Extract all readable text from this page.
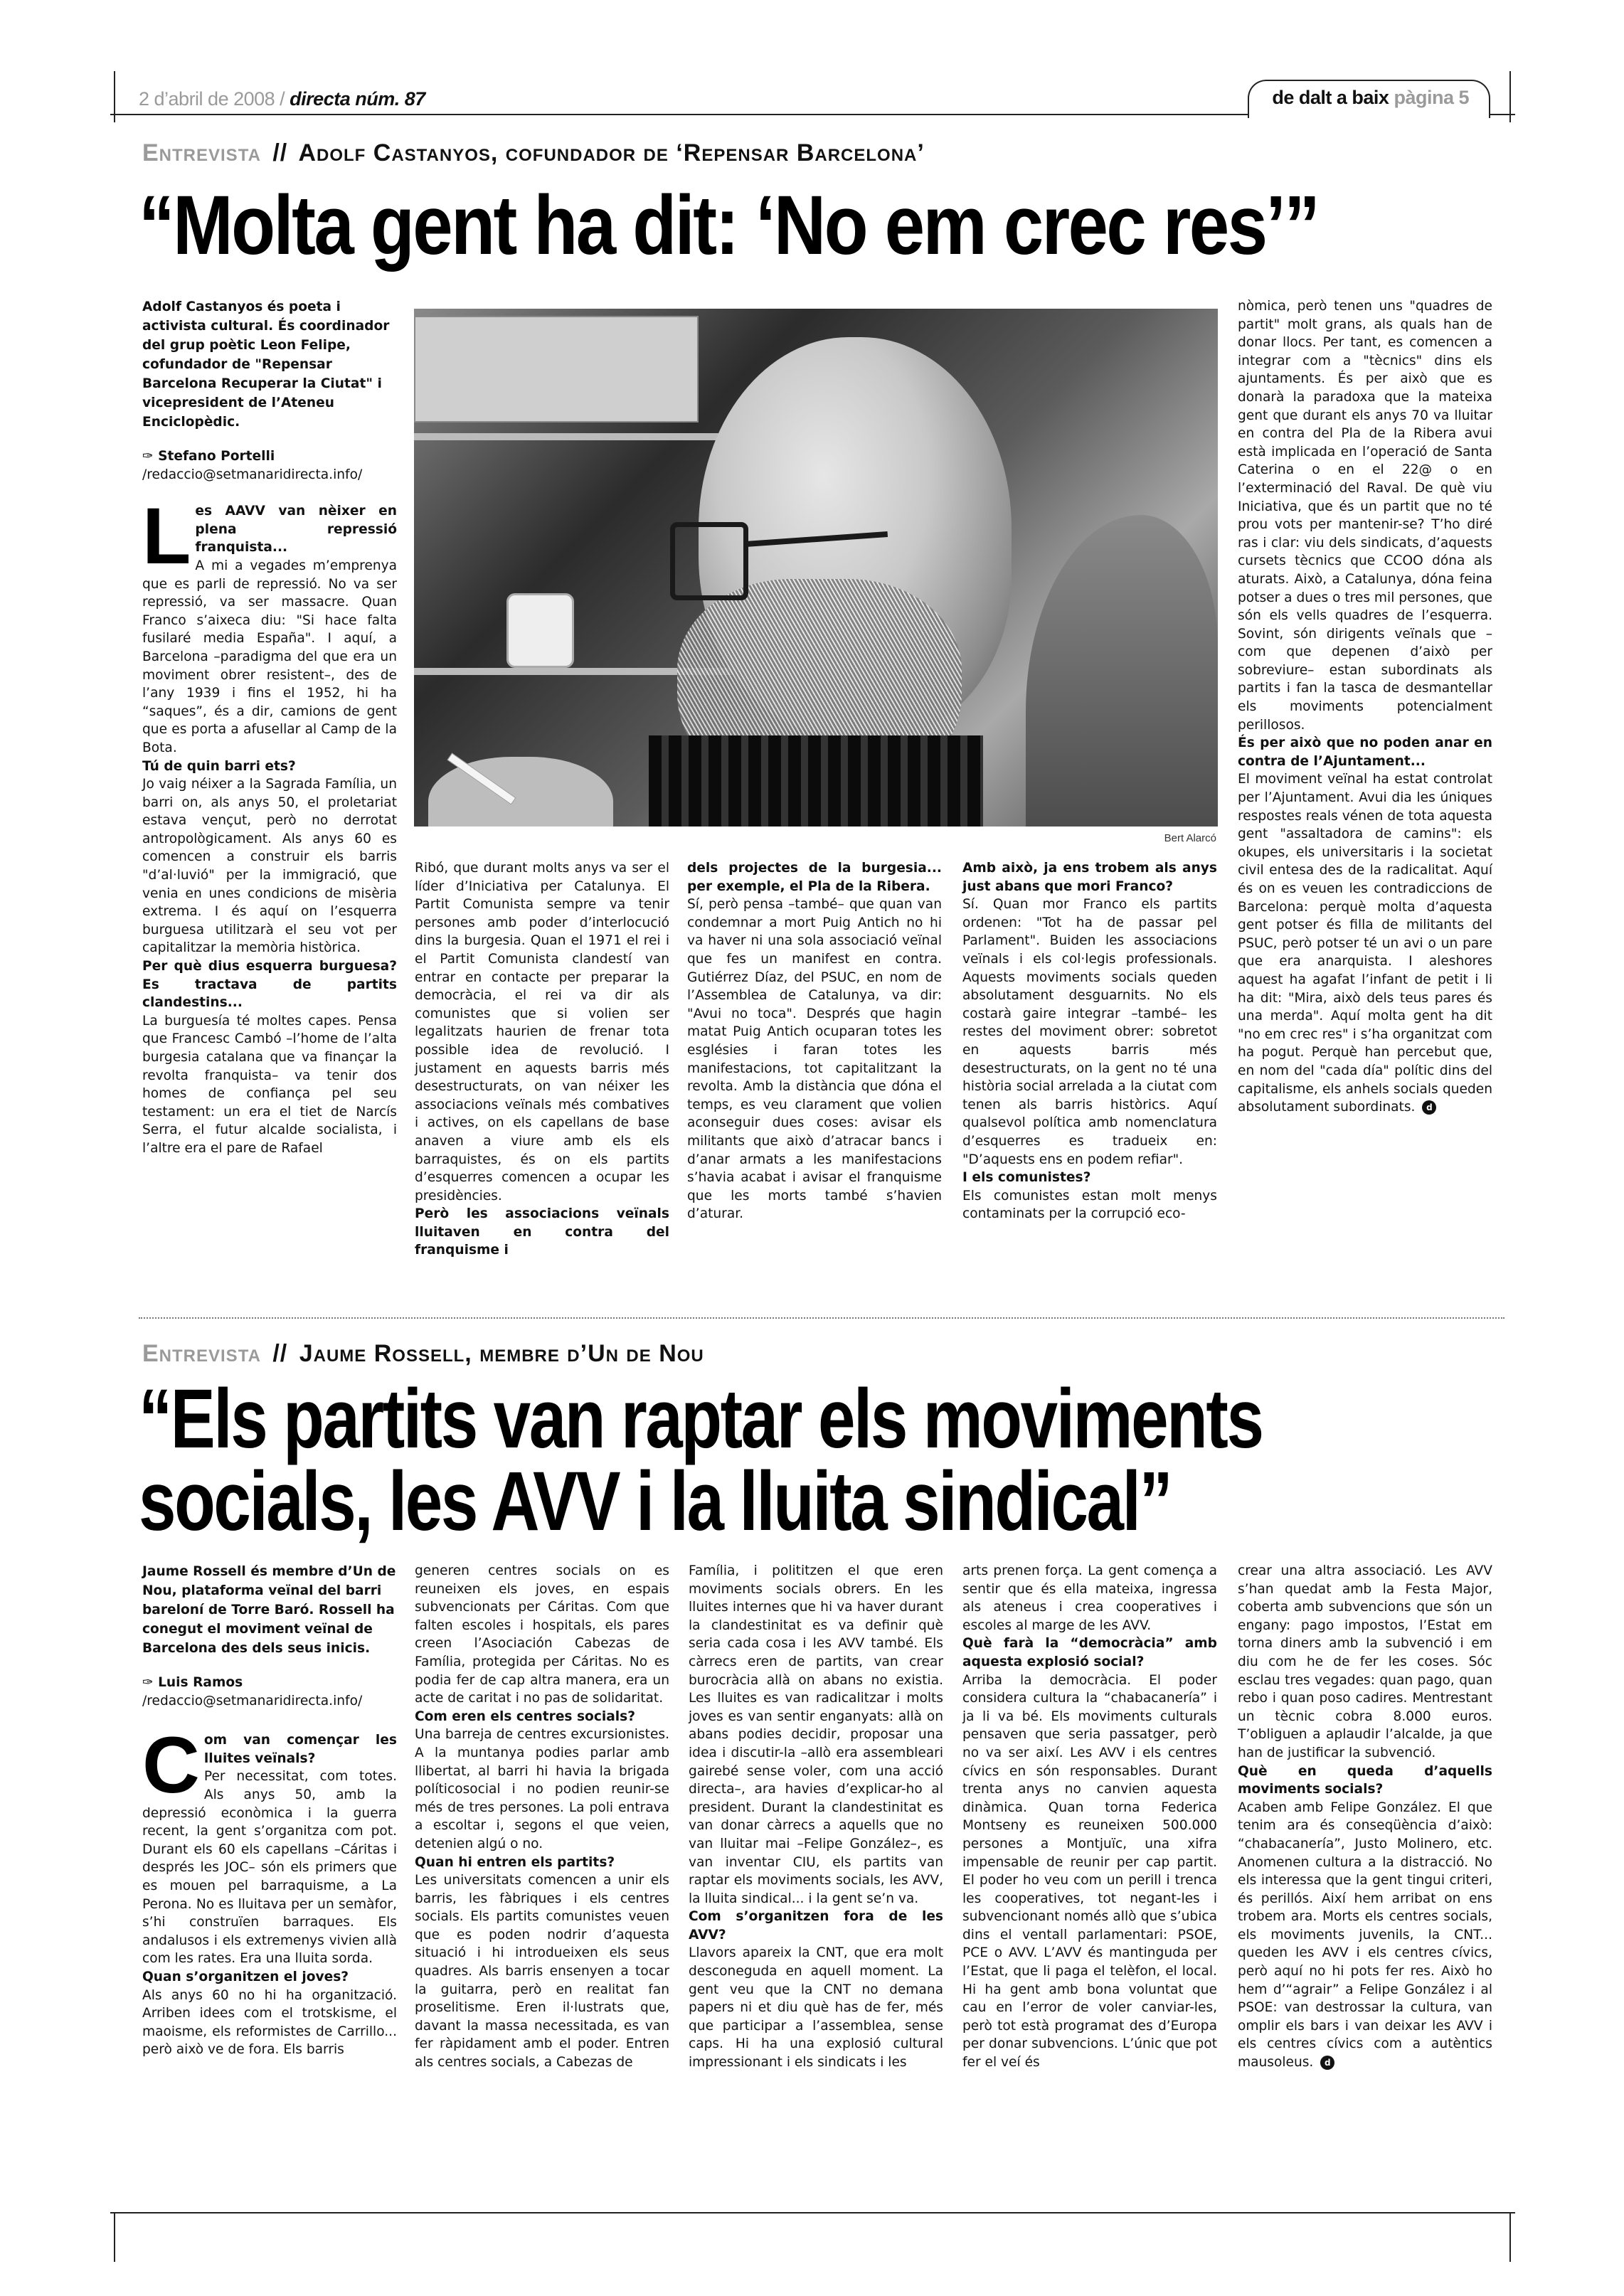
2 d’abril de 2008 / directa núm. 87	de dalt a baix pàgina 5
Entrevista // Adolf Castanyos, cofundador de ‘Repensar Barcelona’
“Molta gent ha dit: ‘No em crec res’”

Adolf Castanyos és poeta i activista cultural. És coordinador del grup poètic Leon Felipe, cofundador de "Repensar Barcelona Recuperar la Ciutat" i vicepresident de l’Ateneu Enciclopèdic.

✑ Stefano Portelli

/redaccio@setmanaridirecta.info/

L es AAVV van nèixer en plena repressió franquista...

A mi a vegades m’emprenya que es parli de repressió. No va ser repressió, va ser massacre. Quan Franco s’aixeca diu: "Si hace falta fusilaré media España". I aquí, a Barcelona –paradigma del que era un moviment obrer resistent–, des de l’any 1939 i fins el 1952, hi ha “saques”, és a dir, camions de gent que es porta a afusellar al Camp de la Bota.

Tú de quin barri ets?

Jo vaig néixer a la Sagrada Família, un barri on, als anys 50, el proletariat estava vençut, però no derrotat antropològicament. Als anys 60 es comencen a construir els barris "d’al·luvió" per la immigració, que venia en unes condicions de misèria extrema. I és aquí on l’esquerra burguesa utilitzarà el seu vot per capitalitzar la memòria històrica.

Per què dius esquerra burguesa? Es tractava de partits clandestins...

La burguesía té moltes capes. Pensa que Francesc Cambó –l’home de l’alta burgesia catalana que va finançar la revolta franquista– va tenir dos homes de confiança pel seu testament: un era el tiet de Narcís Serra, el futur alcalde socialista, i l’altre era el pare de Rafael

Bert Alarcó

Ribó, que durant molts anys va ser el líder d’Iniciativa per Catalunya. El Partit Comunista sempre va tenir persones amb poder d’interlocució dins la burgesia. Quan el 1971 el rei i el Partit Comunista clandestí van entrar en contacte per preparar la democràcia, el rei va dir als comunistes que si volien ser legalitzats haurien de frenar tota possible idea de revolució. I justament en aquests barris més desestructurats, on van néixer les associacions veïnals més combatives i actives, on els capellans de base anaven a viure amb els els barraquistes, és on els partits d’esquerres comencen a ocupar les presidències.

Però les associacions veïnals lluitaven en contra del franquisme i

dels projectes de la burgesia... per exemple, el Pla de la Ribera.

Sí, però pensa –també– que quan van condemnar a mort Puig Antich no hi va haver ni una sola associació veïnal que fes un manifest en contra. Gutiérrez Díaz, del PSUC, en nom de l’Assemblea de Catalunya, va dir: "Avui no toca". Després que hagin matat Puig Antich ocuparan totes les esglésies i faran totes les manifestacions, tot capitalitzant la revolta. Amb la distància que dóna el temps, es veu clarament que volien aconseguir dues coses: avisar els militants que això d’atracar bancs i d’anar armats a les manifestacions s’havia acabat i avisar el franquisme que les morts també s’havien d’aturar.

Amb això, ja ens trobem als anys just abans que mori Franco?

Sí. Quan mor Franco els partits ordenen: "Tot ha de passar pel Parlament". Buiden les associacions veïnals i els col·legis professionals. Aquests moviments socials queden absolutament desguarnits. No els costarà gaire integrar –també– les restes del moviment obrer: sobretot en aquests barris més desestructurats, on la gent no té una història social arrelada a la ciutat com tenen als barris històrics. Aquí qualsevol política amb nomenclatura d’esquerres es tradueix en: "D’aquests ens en podem refiar".

I els comunistes?

Els comunistes estan molt menys contaminats per la corrupció eco-

nòmica, però tenen uns "quadres de partit" molt grans, als quals han de donar llocs. Per tant, es comencen a integrar com a "tècnics" dins els ajuntaments. És per això que es donarà la paradoxa que la mateixa gent que durant els anys 70 va lluitar en contra del Pla de la Ribera avui està implicada en l’operació de Santa Caterina o en el 22@ o en l’exterminació del Raval. De què viu Iniciativa, que és un partit que no té prou vots per mantenir-se? T’ho diré ras i clar: viu dels sindicats, d’aquests cursets tècnics que CCOO dóna als aturats. Això, a Catalunya, dóna feina potser a dues o tres mil persones, que són els vells quadres de l’esquerra. Sovint, són dirigents veïnals que –com que depenen d’això per sobreviure– estan subordinats als partits i fan la tasca de desmantellar els moviments potencialment perillosos.

És per això que no poden anar en contra de l’Ajuntament...

El moviment veïnal ha estat controlat per l’Ajuntament. Avui dia les úniques respostes reals vénen de tota aquesta gent "assaltadora de camins": els okupes, els universitaris i la societat civil entesa des de la radicalitat. Aquí és on es veuen les contradiccions de Barcelona: perquè molta d’aquesta gent potser és filla de militants del PSUC, però potser té un avi o un pare que era anarquista. I aleshores aquest ha agafat l’infant de petit i li ha dit: "Mira, això dels teus pares és una merda". Aquí molta gent ha dit "no em crec res" i s’ha organitzat com ha pogut. Perquè han percebut que, en nom del "cada día" polític dins del capitalisme, els anhels socials queden absolutament subordinats. d

Entrevista // Jaume Rossell, membre d’Un de Nou
“Els partits van raptar els moviments
socials, les AVV i la lluita sindical”

Jaume Rossell és membre d’Un de Nou, plataforma veïnal del barri bareloní de Torre Baró. Rossell ha conegut el moviment veïnal de Barcelona des dels seus inicis.

✑ Luis Ramos

/redaccio@setmanaridirecta.info/

C om van començar les lluites veïnals?

Per necessitat, com totes. Als anys 50, amb la depressió econòmica i la guerra recent, la gent s’organitza com pot. Durant els 60 els capellans –Cáritas i després les JOC– són els primers que es mouen pel barraquisme, a La Perona. No es lluitava per un semàfor, s’hi construïen barraques. Els andalusos i els extremenys vivien allà com les rates. Era una lluita sorda.

Quan s’organitzen el joves?

Als anys 60 no hi ha organització. Arriben idees com el trotskisme, el maoisme, els reformistes de Carrillo... però això ve de fora. Els barris

generen centres socials on es reuneixen els joves, en espais subvencionats per Cáritas. Com que falten escoles i hospitals, els pares creen l’Asociación Cabezas de Família, protegida per Cáritas. No es podia fer de cap altra manera, era un acte de caritat i no pas de solidaritat.

Com eren els centres socials?

Una barreja de centres excursionistes. A la muntanya podies parlar amb llibertat, al barri hi havia la brigada políticosocial i no podien reunir-se més de tres persones. La poli entrava a escoltar i, segons el que veien, detenien algú o no.

Quan hi entren els partits?

Les universitats comencen a unir els barris, les fàbriques i els centres socials. Els partits comunistes veuen que es poden nodrir d’aquesta situació i hi introdueixen els seus quadres. Als barris ensenyen a tocar la guitarra, però en realitat fan proselitisme. Eren il·lustrats que, davant la massa necessitada, es van fer ràpidament amb el poder. Entren als centres socials, a Cabezas de

Família, i polititzen el que eren moviments socials obrers. En les lluites internes que hi va haver durant la clandestinitat es va definir què seria cada cosa i les AVV també. Els càrrecs eren de partits, van crear burocràcia allà on abans no existia. Les lluites es van radicalitzar i molts joves es van sentir enganyats: allà on abans podies decidir, proposar una idea i discutir-la –allò era assembleari gairebé sense voler, com una acció directa–, ara havies d’explicar-ho al president. Durant la clandestinitat es van donar càrrecs a aquells que no van lluitar mai –Felipe González–, es van inventar CIU, els partits van raptar els moviments socials, les AVV, la lluita sindical... i la gent se’n va.

Com s’organitzen fora de les AVV?

Llavors apareix la CNT, que era molt desconeguda en aquell moment. La gent veu que la CNT no demana papers ni et diu què has de fer, més que participar a l’assemblea, sense caps. Hi ha una explosió cultural impressionant i els sindicats i les

arts prenen força. La gent comença a sentir que és ella mateixa, ingressa als ateneus i crea cooperatives i escoles al marge de les AVV.

Què farà la “democràcia” amb aquesta explosió social?

Arriba la democràcia. El poder considera cultura la “chabacanería” i ja li va bé. Els moviments culturals pensaven que seria passatger, però no va ser així. Les AVV i els centres cívics en són responsables. Durant trenta anys no canvien aquesta dinàmica. Quan torna Federica Montseny es reuneixen 500.000 persones a Montjuïc, una xifra impensable de reunir per cap partit. El poder ho veu com un perill i trenca les cooperatives, tot negant-les i subvencionant només allò que s’ubica dins el ventall parlamentari: PSOE, PCE o AVV. L’AVV és mantinguda per l’Estat, que li paga el telèfon, el local. Hi ha gent amb bona voluntat que cau en l’error de voler canviar-les, però tot està programat des d’Europa per donar subvencions. L’únic que pot fer el veí és

crear una altra associació. Les AVV s’han quedat amb la Festa Major, coberta amb subvencions que són un engany: pago impostos, l’Estat em torna diners amb la subvenció i em diu com he de fer les coses. Sóc esclau tres vegades: quan pago, quan rebo i quan poso cadires. Mentrestant un tècnic cobra 8.000 euros. T’obliguen a aplaudir l’alcalde, ja que han de justificar la subvenció.

Què en queda d’aquells moviments socials?

Acaben amb Felipe González. El que tenim ara és conseqüència d’això: “chabacanería”, Justo Molinero, etc. Anomenen cultura a la distracció. No els interessa que la gent tingui criteri, és perillós. Així hem arribat on ens trobem ara. Morts els centres socials, els moviments juvenils, la CNT... queden les AVV i els centres cívics, però aquí no hi pots fer res. Això ho hem d’“agrair” a Felipe González i al PSOE: van destrossar la cultura, van omplir els bars i van deixar les AVV i els centres cívics com a autèntics mausoleus. d
